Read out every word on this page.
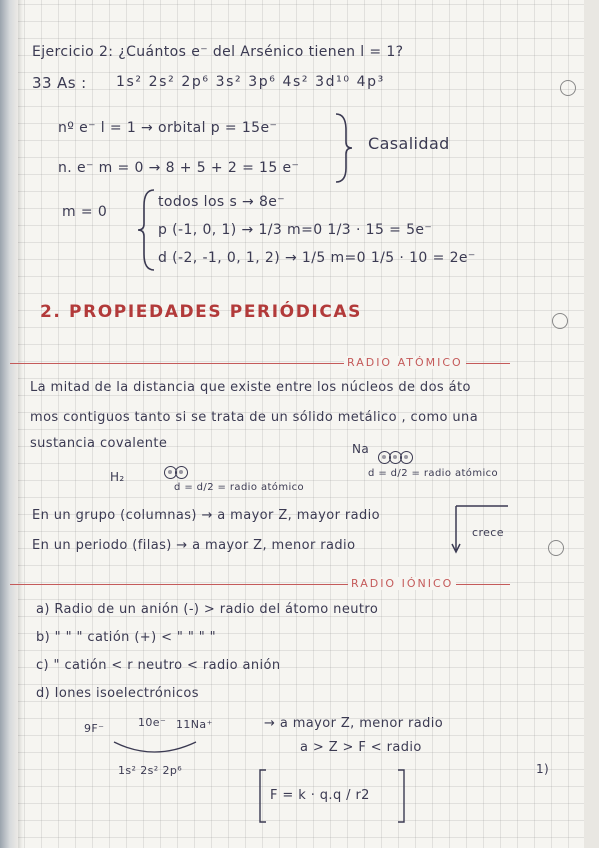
Ejercicio 2: ¿Cuántos e⁻ del Arsénico tienen l = 1?
33 As : 1s² 2s² 2p⁶ 3s² 3p⁶ 4s² 3d¹⁰ 4p³
nº e⁻ l = 1 → orbital p = 15e⁻
n. e⁻ m = 0 → 8 + 5 + 2 = 15 e⁻
Casalidad
m = 0
todos los s → 8e⁻
p (-1, 0, 1) → 1/3 m=0 1/3 · 15 = 5e⁻
d (-2, -1, 0, 1, 2) → 1/5 m=0 1/5 · 10 = 2e⁻
2. PROPIEDADES PERIÓDICAS
RADIO ATÓMICO
La mitad de la distancia que existe entre los núcleos de dos áto
mos contiguos tanto si se trata de un sólido metálico , como una
sustancia covalente
H₂
d = d/2 = radio atómico
Na
d = d/2 = radio atómico
En un grupo (columnas) → a mayor Z, mayor radio
En un periodo (filas) → a mayor Z, menor radio
crece
RADIO IÓNICO
a) Radio de un anión (-) > radio del átomo neutro
b) " " " catión (+) < " " " "
c) " catión < r neutro < radio anión
d) Iones isoelectrónicos
9F⁻	10e⁻ 11Na⁺	→ a mayor Z, menor radio
a > Z > F < radio
1s² 2s² 2p⁶
F = k · q.q / r2
1)
